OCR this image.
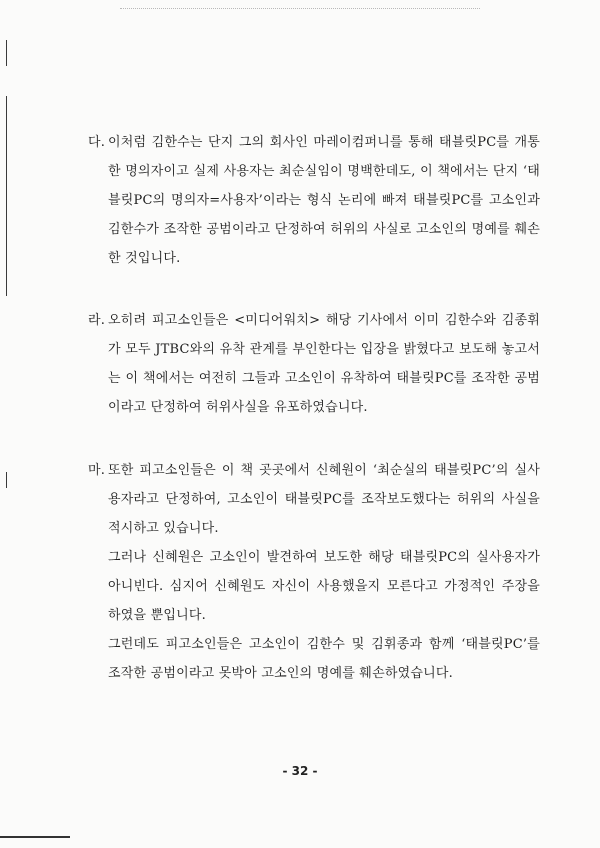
다. 이처럼 김한수는 단지 그의 회사인 마레이컴퍼니를 통해 태블릿PC를 개통한 명의자이고 실제 사용자는 최순실임이 명백한데도, 이 책에서는 단지 ‘태블릿PC의 명의자=사용자’이라는 형식 논리에 빠져 태블릿PC를 고소인과 김한수가 조작한 공범이라고 단정하여 허위의 사실로 고소인의 명예를 훼손한 것입니다.

라. 오히려 피고소인들은 <미디어워치> 해당 기사에서 이미 김한수와 김종휘가 모두 JTBC와의 유착 관계를 부인한다는 입장을 밝혔다고 보도해 놓고서는 이 책에서는 여전히 그들과 고소인이 유착하여 태블릿PC를 조작한 공범이라고 단정하여 허위사실을 유포하였습니다.

마. 또한 피고소인들은 이 책 곳곳에서 신혜원이 ‘최순실의 태블릿PC’의 실사용자라고 단정하여, 고소인이 태블릿PC를 조작보도했다는 허위의 사실을 적시하고 있습니다.

그러나 신혜원은 고소인이 발견하여 보도한 해당 태블릿PC의 실사용자가 아니빈다. 심지어 신혜원도 자신이 사용했을지 모른다고 가정적인 주장을 하였을 뿐입니다.

그런데도 피고소인들은 고소인이 김한수 및 김휘종과 함께 ‘태블릿PC’를 조작한 공범이라고 못박아 고소인의 명예를 훼손하였습니다.

- 32 -
